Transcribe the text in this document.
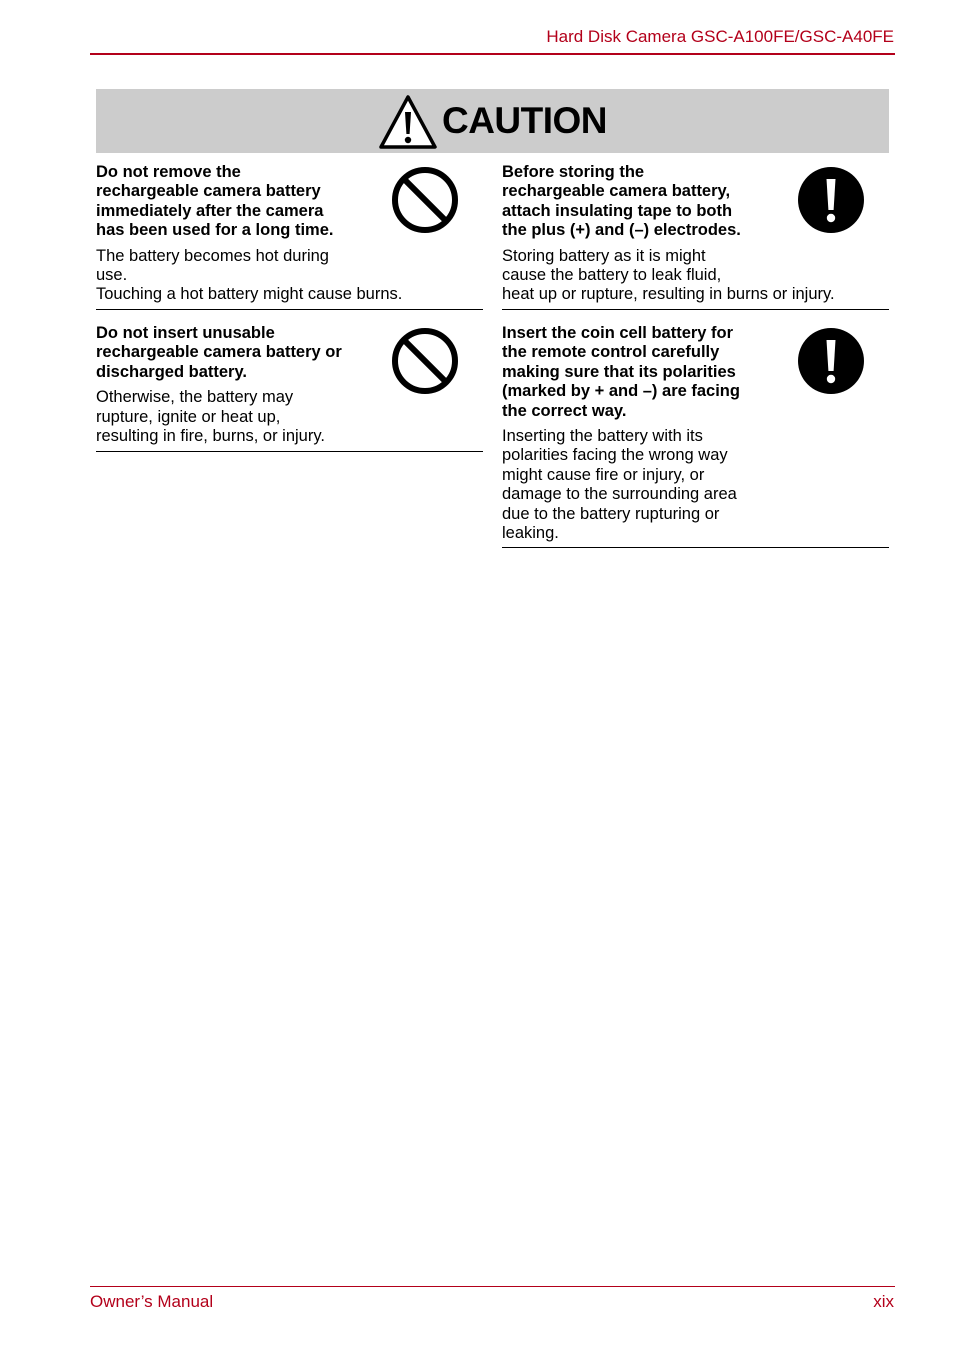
Hard Disk Camera GSC-A100FE/GSC-A40FE
CAUTION

Do not remove the
rechargeable camera battery
immediately after the camera
has been used for a long time.

The battery becomes hot during
use.
Touching a hot battery might cause burns.

Before storing the
rechargeable camera battery,
attach insulating tape to both
the plus (+) and (–) electrodes.

Storing battery as it is might
cause the battery to leak fluid,
heat up or rupture, resulting in burns or injury.

Do not insert unusable
rechargeable camera battery or
discharged battery.

Otherwise, the battery may
rupture, ignite or heat up,
resulting in fire, burns, or injury.

Insert the coin cell battery for
the remote control carefully
making sure that its polarities
(marked by + and –) are facing
the correct way.

Inserting the battery with its
polarities facing the wrong way
might cause fire or injury, or
damage to the surrounding area
due to the battery rupturing or
leaking.

Owner’s Manual	xix
